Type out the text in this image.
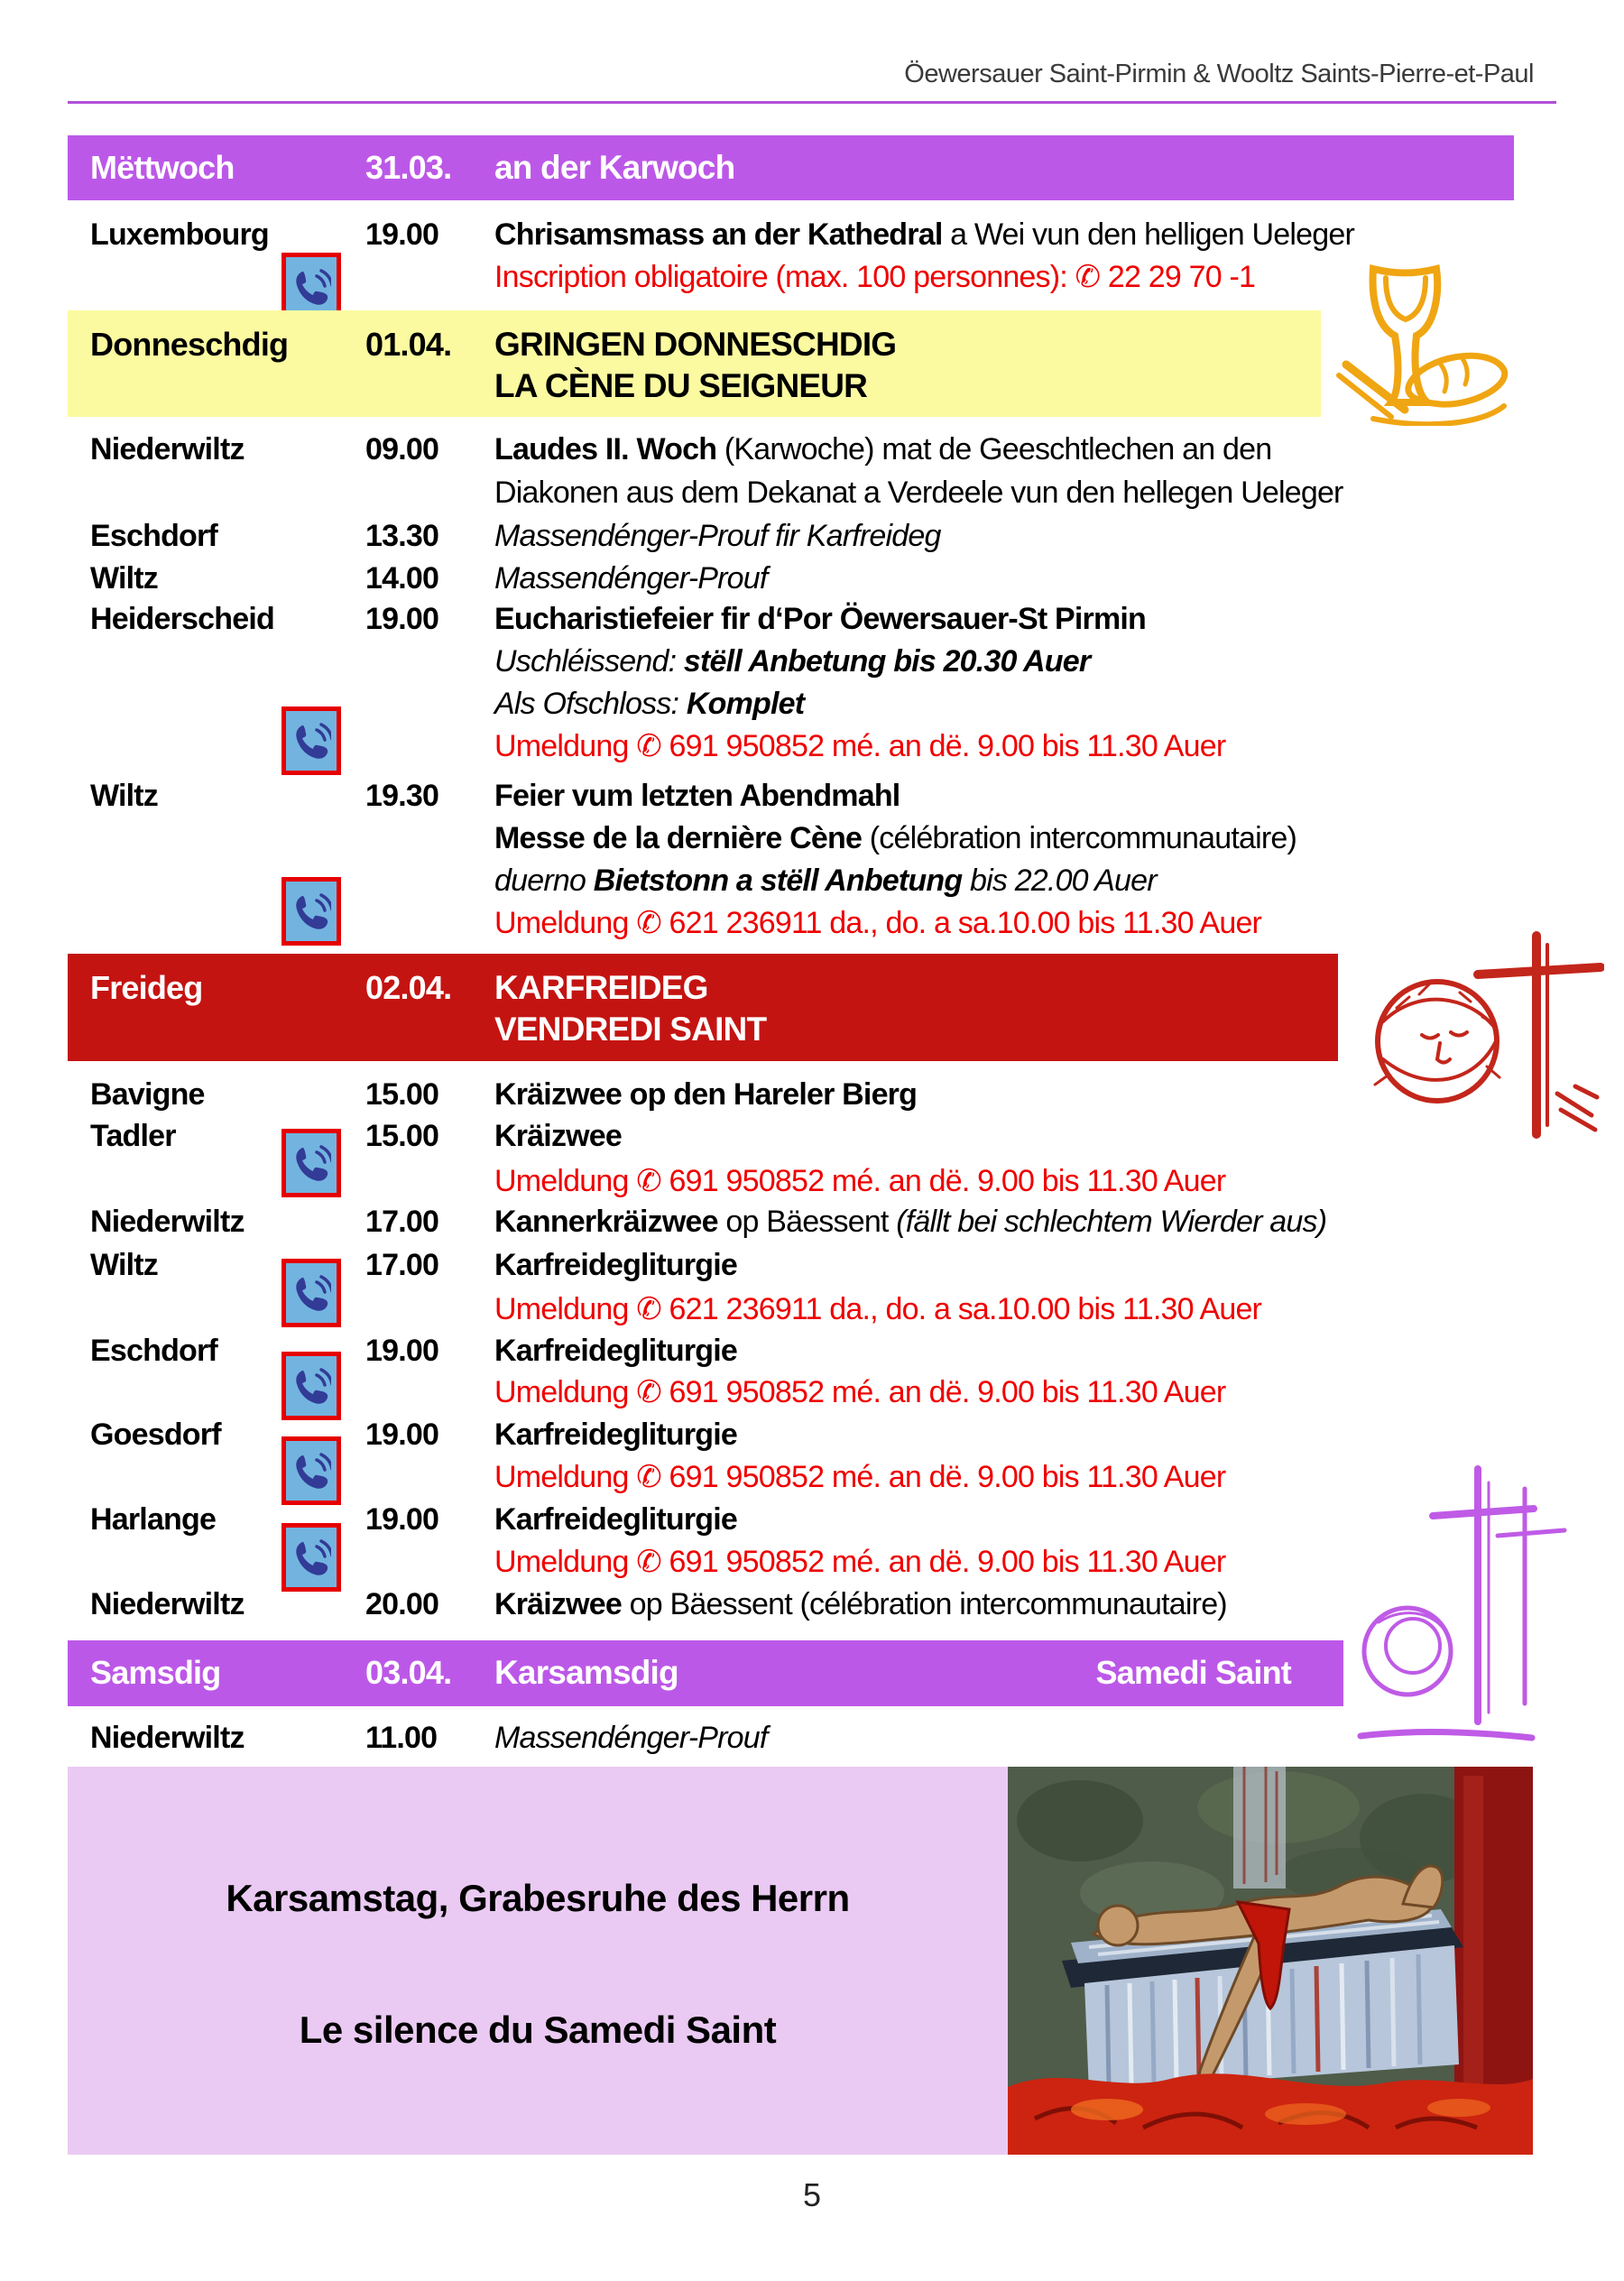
Öewersauer Saint-Pirmin & Wooltz Saints-Pierre-et-Paul
Mëttwoch	31.03. an der Karwoch
Luxembourg	19.00 Chrisamsmass an der Kathedral a Wei vun den helligen Ueleger
Inscription obligatoire (max. 100 personnes): ✆ 22 29 70 -1
Donneschdig 01.04. GRINGEN DONNESCHDIG
LA CÈNE DU SEIGNEUR
Niederwiltz	09.00 Laudes II. Woch (Karwoche) mat de Geeschtlechen an den
Diakonen aus dem Dekanat a Verdeele vun den hellegen Ueleger
Eschdorf	13.30 Massendénger-Prouf fir Karfreideg
Wiltz	14.00 Massendénger-Prouf
Heiderscheid	19.00 Eucharistiefeier fir d‘Por Öewersauer-St Pirmin
Uschléissend: stëll Anbetung bis 20.30 Auer
Als Ofschloss: Komplet
Umeldung ✆ 691 950852 mé. an dë. 9.00 bis 11.30 Auer
Wiltz	19.30 Feier vum letzten Abendmahl
Messe de la dernière Cène (célébration intercommunautaire)
duerno Bietstonn a stëll Anbetung bis 22.00 Auer
Umeldung ✆ 621 236911 da., do. a sa.10.00 bis 11.30 Auer
Freideg	02.04. KARFREIDEG
VENDREDI SAINT
Bavigne	15.00 Kräizwee op den Hareler Bierg
Tadler	15.00 Kräizwee
Umeldung ✆ 691 950852 mé. an dë. 9.00 bis 11.30 Auer
Niederwiltz	17.00 Kannerkräizwee op Bäessent (fällt bei schlechtem Wierder aus)
Wiltz	17.00 Karfreidegliturgie
Umeldung ✆ 621 236911 da., do. a sa.10.00 bis 11.30 Auer
Eschdorf	19.00 Karfreidegliturgie
Umeldung ✆ 691 950852 mé. an dë. 9.00 bis 11.30 Auer
Goesdorf	19.00 Karfreidegliturgie
Umeldung ✆ 691 950852 mé. an dë. 9.00 bis 11.30 Auer
Harlange	19.00 Karfreidegliturgie
Umeldung ✆ 691 950852 mé. an dë. 9.00 bis 11.30 Auer
Niederwiltz	20.00 Kräizwee op Bäessent (célébration intercommunautaire)
Samsdig	03.04. Karsamsdig	Samedi Saint
Niederwiltz	11.00 Massendénger-Prouf
Karsamstag, Grabesruhe des Herrn
Le silence du Samedi Saint
5
